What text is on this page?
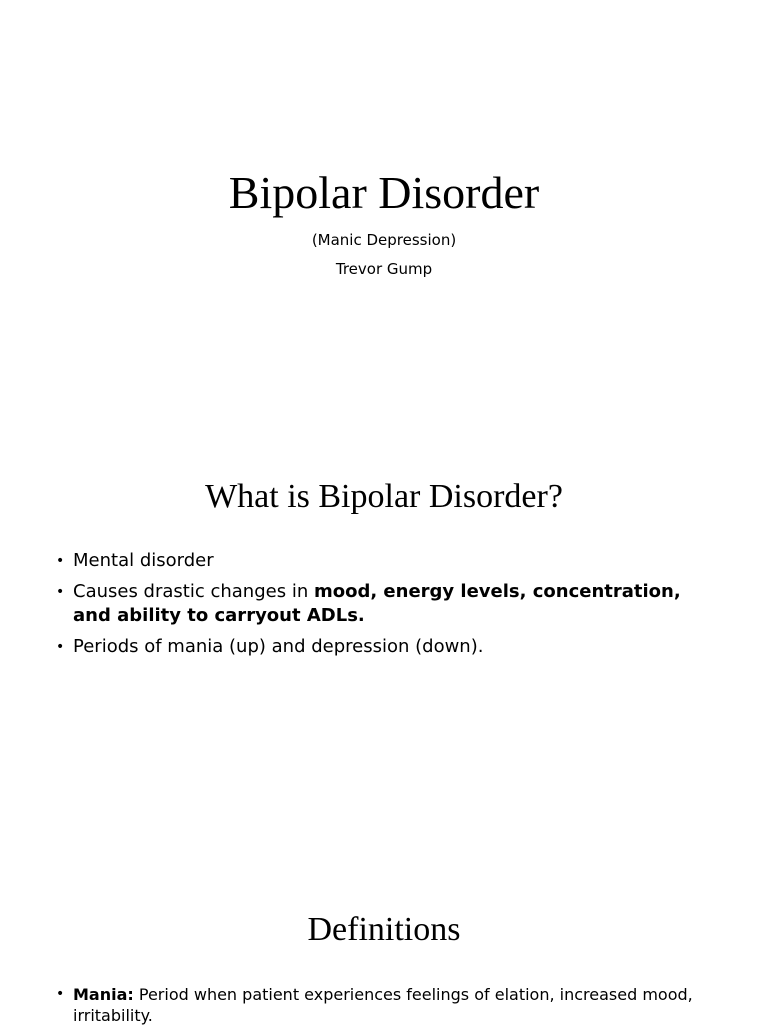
Bipolar Disorder
(Manic Depression)
Trevor Gump
What is Bipolar Disorder?
• Mental disorder
• Causes drastic changes in mood, energy levels, concentration, and ability to carryout ADLs.
• Periods of mania (up) and depression (down).
Definitions
• Mania: Period when patient experiences feelings of elation, increased mood, irritability.
